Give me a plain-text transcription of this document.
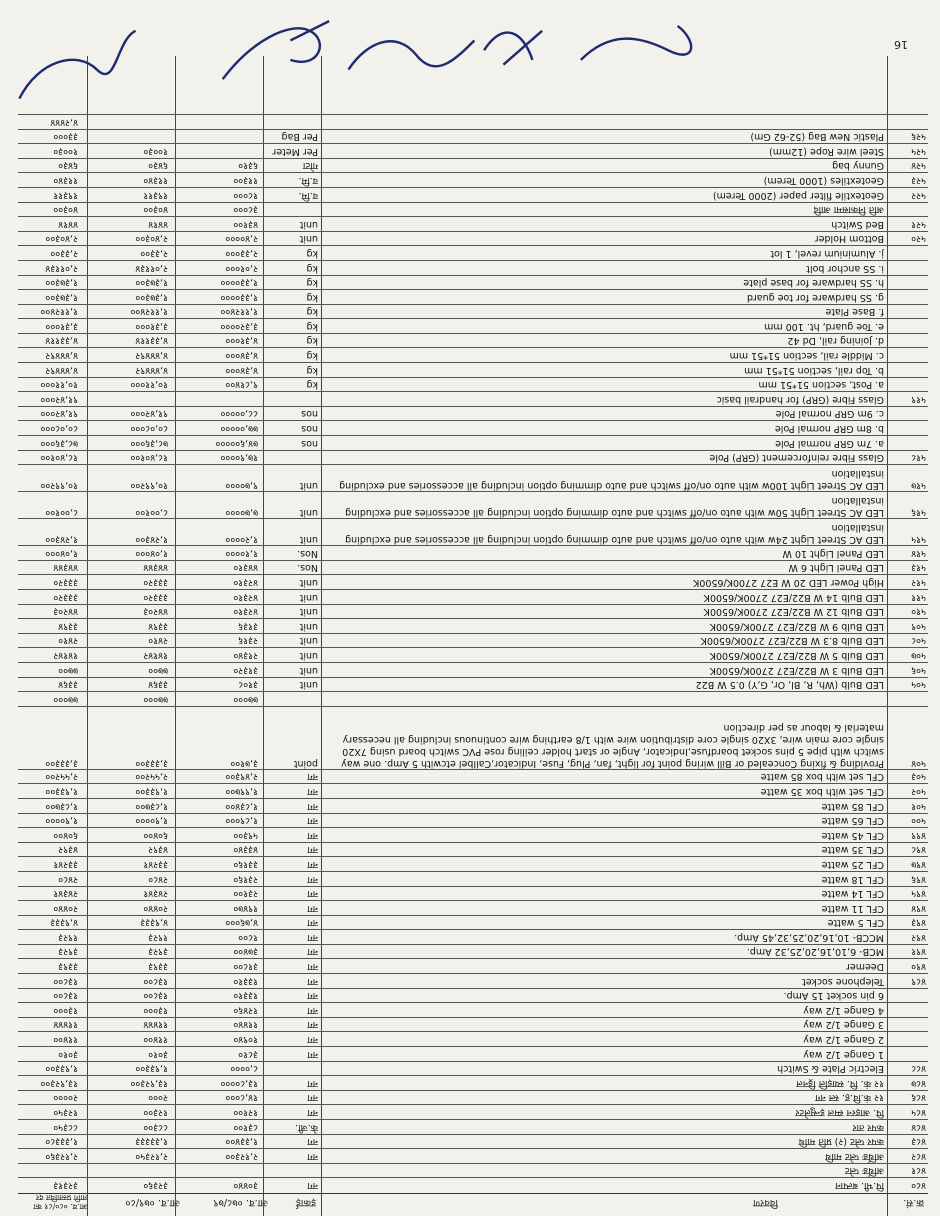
क्र.सं.
विवरण
इकाई
आ.व. ०७८/७९
आ.व. ०७९/८०
आ.व. ०८०/८१ का लागि प्रस्तावित दर
४८०
पि.भी. बल्पान
नग
३०४४०
३२३६०
३२३१३
४८१
अर्थिङ प्लेट
४८२
अर्थिङ प्लेट माथि
नग
२,१२३००
२,१२३५०
२,१२३६०
४८३
कपर प्लेट (२) प्रति माथि
नग
१,३३४००
१,३३३३३
१,३३३८०
४८४
कपर तार
के.जी.
८३१००
८८३००
८८३५०
४८५
पि. आइरन स्मल इन्सुलेटर
नग
१२१००
१२३००
१२३५०
४८६
१२ कं.वि.ह. स्ल नग
नग
१४,८०००
२०००
२००००
४८७
१२ कं. पि. स्याइलि ड्रिनल
नग
१३,८००००
१३,९२३००
१३,९२३००
४८८
Electric Plate & Switch
८,००००
१,९३३००
१,९३३००
1 Gange 1/2 way
नग
३८१०
३०१०
३०१०
2 Gange 1/2 way
नग
१०९४०
११४००
११४००
3 Gange 1/2 way
नग
११४४०
११४४४
११४४४
4 Gange 1/2 way
नग
१२४६०
१३०००
१३०००
6 pin socket 15 Amp.
नग
१३३१०
१३८००
१३८००
४८९
Telephone socket
नग
१३३१०
१३८००
१३८००
४९०
Deemer
नग
३१८००
३३९३
३३९३
४९१
MCB- 6,10,16,20,25,32 Amp.
नग
३७४००
३९२३
३९२३
४९२
MCCB- 10,16,20,25,32,45 Amp.
नग
१८००
१९२३
१९२३
४९३
CFL 5 watte
नग
४,७६०००
४,९३३३
४,९३३३
४९४
CFL 11 watte
नग
१९४७०
२०४४०
२०४४०
४९५
CFL 14 watte
नग
२३१००
२४३४१
२४३४१
४९६
CFL 18 watte
नग
२३१६०
२४८०
२४८०
४९७
CFL 25 watte
नग
३३१६०
३३२४१
३३२४१
४९८
CFL 35 watte
नग
४३३४०
४३९२
४३९२
४९९
CFL 45 watte
नग
५९३००
६०४००
६०४००
५००
CFL 65 watte
नग
१,८९०००
१,९००००
१,९००००
५०१
CFL 85 watte
नग
१,८३४००
१,८३७००
१,८३७००
५०२
CFL set with box 35 watte
नग
१,९९७००
१,९३३००
१,९३३००
५०३
CFL set with box 85 watte
नग
२,४९३००
२,५५२००
२,५५२००
५०४
Providing & fixing Concealed or Bill wiring point for light, fan, Plug, Fuse, Indicator,Callbel etcwith 5 Amp. one way switch with pipe 5 pins socket boardfuse,Indicator, Angle or start holder ceiling rose PVC switch board using 7X20 single core main wire, 3X20 single core distribution wire with 1/8 earthing wire continuous including all necessary material & labour as per direction
point
३,७१००
३,३३३००
३,३३३००
७७०००
७७०००
७७०००
५०५
LED Bulb (Wh, R, Bl, Or, G,Y) 0.5 W B22
unit
३१०८
३३६४
३३६४
५०६
LED Bulb 3 W B22/E27 2700K/6500K
unit
३१३२०
७७००
७७००
५०७
LED Bulb 5 W B22/E27 2700K/6500K
unit
२१३४०
१४१४२
१४१४२
५०८
LED Bulb 8.3 W B22/E27 2700K/6500K
unit
२३१६
२४१०
२४१०
५०९
LED Bulb 9 W B22/E27 2700K/6500K
unit
३१३६
३३९४
३३९४
५१०
LED Bulb 12 W B22/E27 2700K/6500K
unit
४२३१०
४४२०३
४४२०३
५११
LED Bulb 14 W B22/E27 2700K/6500K
unit
४२३१०
३३३२०
३३३२०
५१२
High Power LED 20 W E27 2700K/6500K
unit
४२३१०
३३३२०
३३३२०
५१३
LED Panel Light 6 W
Nos.
४४३१०
४४३४४
४४३४४
५१४
LED Panel Light 10 W
Nos.
१,१००००
१,०४०००
१,०४०००
५१५
LED AC Street Light 24w with auto on/off switch and auto dimming option including all accessories and excluding installation
unit
१,२००००
१,२४३००
१,२४३००
५१६
LED AC Street Light 50w with auto on/off switch and auto dimming option including all accessories and excluding installation
unit
७,७००००
८,००१००
८,००१००
५१७
LED AC Street Light 100w with auto on/off switch and auto dimming option including all accessories and excluding installation
unit
९,७००००
१०,९९२००
१०,९९२००
५१८
Glass Fibre reinforcement (GRP) Pole
१७,९००००
१८,४०१००
१८,४०१००
a. 7m GRP normal Pole
nos
७४,६०००००
७८,३६०००
७८,३६०००
b. 8m GRP normal Pole
nos
७७,०००००
८०,०८०००
८०,०८०००
c. 9m GRP normal Pole
nos
८८,०००००
९१,४२०००
९१,४२०००
५१९
Glass Fibre (GRP) for handrail basic
९१,४२०००
a. Post, section 51*51 mm
kg
९,८१४००
१०,११०००
१०,११०००
b. Top rail, section 51*51 mm
kg
४,३४०००
४,४४४९२
४,४४४९२
c. Middle rail, section 51*51 mm
kg
४,३४०००
४,४४४९२
४,४४४९२
d. Joining rail, Dd 42
kg
४,३१०००
४,३३११४
४,३३११४
e. Toe guard, ht. 100 mm
kg
३,३२००००
३,३१०००
३,३१०००
f. Base Plate
kg
१,११२४००
१,११२४००
१,११२४००
g. SS hardware for toe guard
kg
१,३३००००
१,३७३००
१,३७३००
h. SS hardware for base plate
kg
१,३३००००
१,३७३००
१,३७३००
i. SS anchor bolt
kg
२,०१०००
२,०११३४
२,०११३४
j. Aluminium revel, 1 lot
kg
२,३३०००
२,३३००
२,३३००
५२०
Bottom Holder
unit
२,४००००
२,४०३००
२,४०३००
५२१
Bed Switch
unit
४३१००
४४१४
४४१४
अति निकासमा आदि
३८०००
४०३००
४०३००
५२२
Geotextile filter paper (2000 Terem)
व.मि.
१८०००
१९३११
१९३११
५२३
Geotextiles (1000 Terem)
व.मि.
११३००
११३४०
११३४०
५२४
Gunny bag
गोटा
६३१०
६४३०
६४३०
५२५
Steel wire Rope (12mm)
Per Meter
१००३०
१००३०
५२६
Plastic New Bag (52-62 Gm)
Per Bag
३३०००
४,२४४४
16
